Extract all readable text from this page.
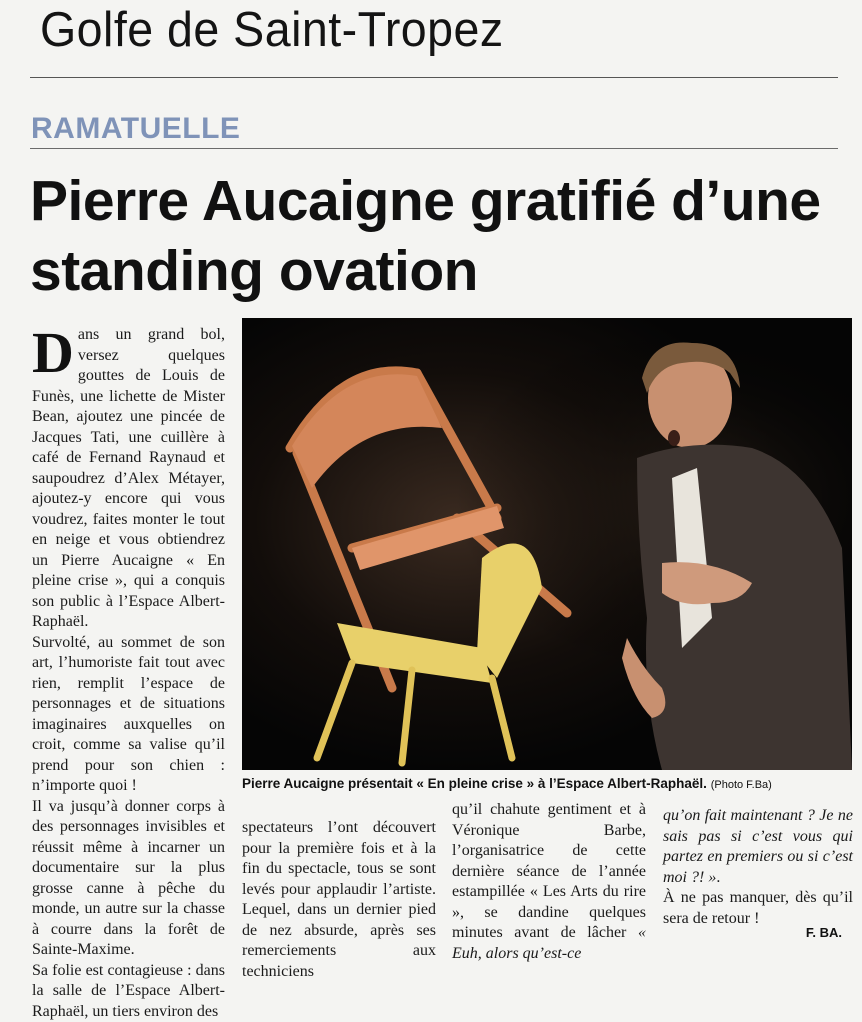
Golfe de Saint-Tropez
RAMATUELLE
Pierre Aucaigne gratifié d’une standing ovation

Dans un grand bol, versez quelques gouttes de Louis de Funès, une lichette de Mister Bean, ajoutez une pincée de Jacques Tati, une cuillère à café de Fernand Raynaud et saupoudrez d’Alex Métayer, ajoutez-y encore qui vous voudrez, faites monter le tout en neige et vous obtiendrez un Pierre Aucaigne « En pleine crise », qui a conquis son public à l’Espace Albert-Raphaël.

Survolté, au sommet de son art, l’humoriste fait tout avec rien, remplit l’espace de personnages et de situations imaginaires auxquelles on croit, comme sa valise qu’il prend pour son chien : n’importe quoi !

Il va jusqu’à donner corps à des personnages invisibles et réussit même à incarner un documentaire sur la plus grosse canne à pêche du monde, un autre sur la chasse à courre dans la forêt de Sainte-Maxime.

Sa folie est contagieuse : dans la salle de l’Espace Albert-Raphaël, un tiers environ des

Pierre Aucaigne présentait « En pleine crise » à l’Espace Albert-Raphaël. (Photo F.Ba)

spectateurs l’ont découvert pour la première fois et à la fin du spectacle, tous se sont levés pour applaudir l’artiste. Lequel, dans un dernier pied de nez absurde, après ses remerciements aux techniciens

qu’il chahute gentiment et à Véronique Barbe, l’organisatrice de cette dernière séance de l’année estampillée « Les Arts du rire », se dandine quelques minutes avant de lâcher « Euh, alors qu’est-ce

qu’on fait maintenant ? Je ne sais pas si c’est vous qui partez en premiers ou si c’est moi ?! ».

À ne pas manquer, dès qu’il sera de retour !

F. BA.
